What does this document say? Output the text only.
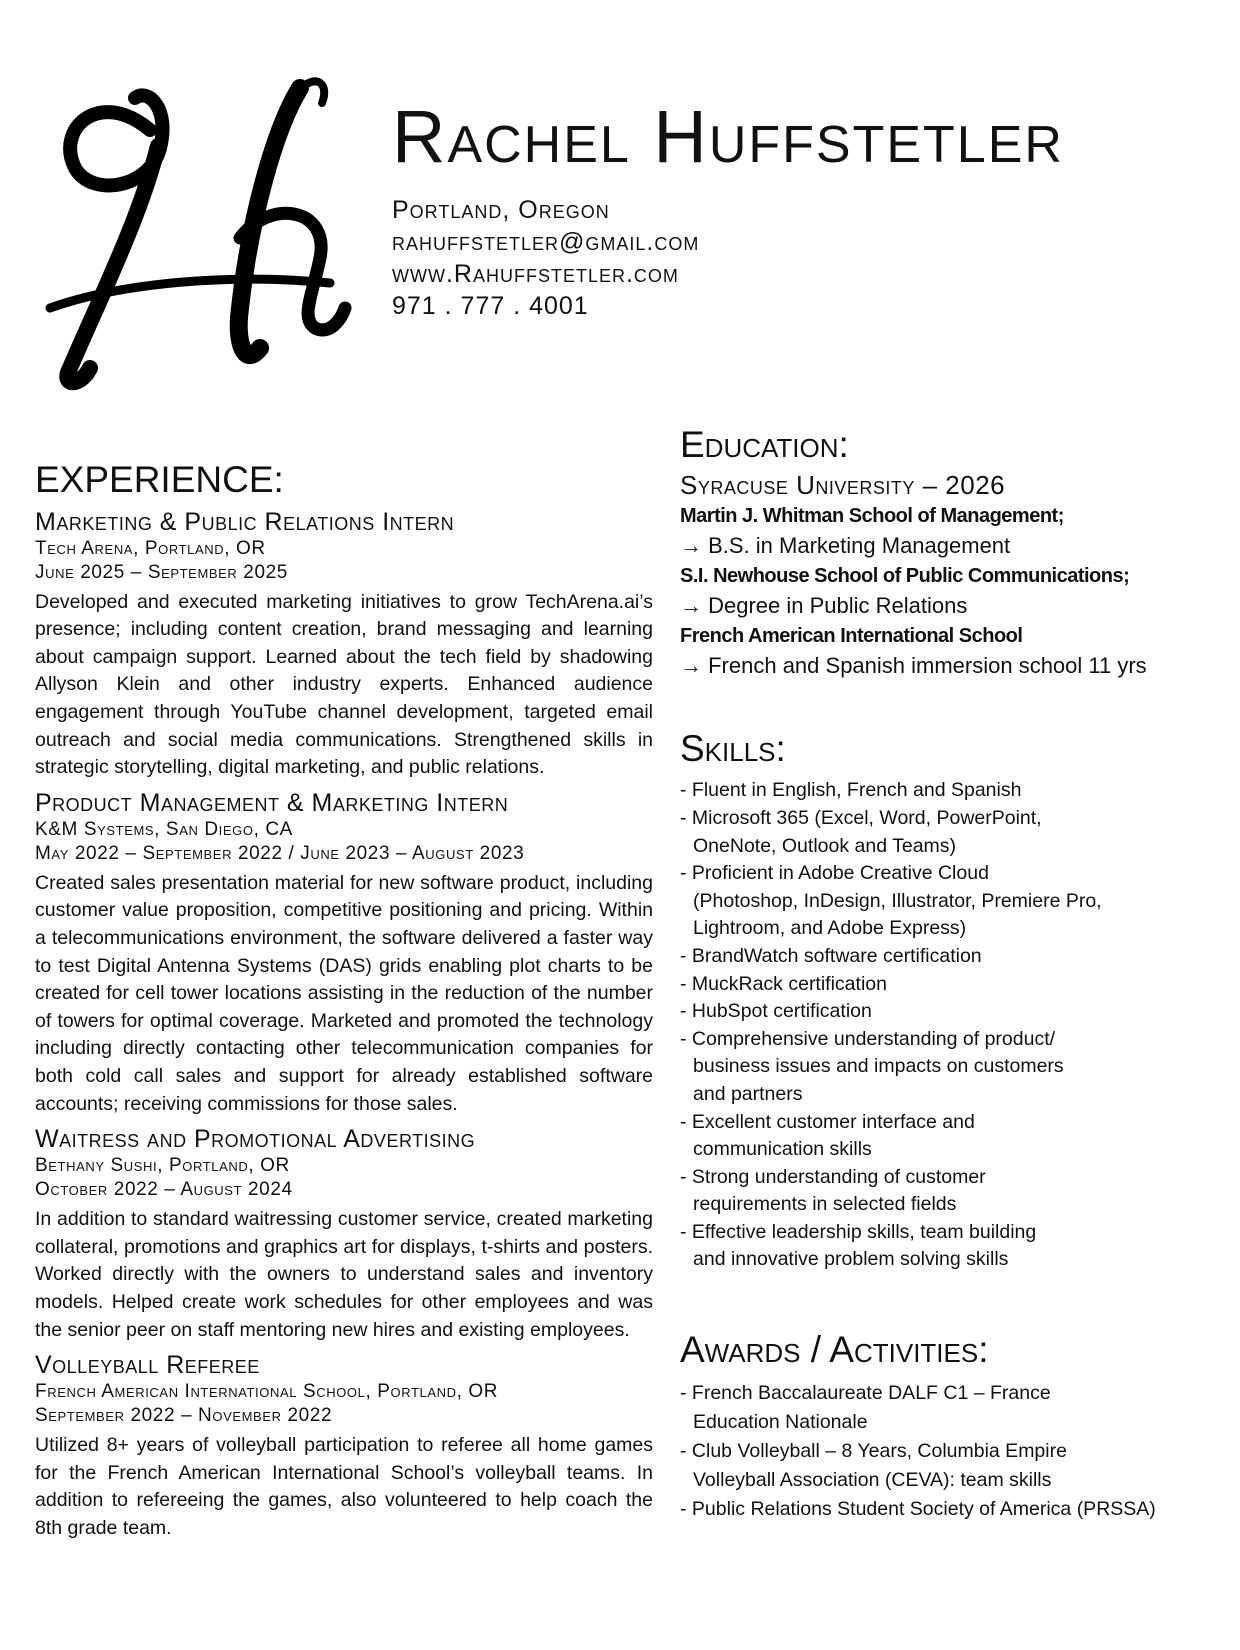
Rachel Huffstetler
Portland, Oregon
rahuffstetler@gmail.com
www.Rahuffstetler.com
971 . 777 . 4001
EXPERIENCE:
Marketing & Public Relations Intern
Tech Arena, Portland, OR
June 2025 – September 2025
Developed and executed marketing initiatives to grow TechArena.ai’s presence; including content creation, brand messaging and learning about campaign support. Learned about the tech field by shadowing Allyson Klein and other industry experts. Enhanced audience engagement through YouTube channel development, targeted email outreach and social media communications. Strengthened skills in strategic storytelling, digital marketing, and public relations.
Product Management & Marketing Intern
K&M Systems, San Diego, CA
May 2022 – September 2022 / June 2023 – August 2023
Created sales presentation material for new software product, including customer value proposition, competitive positioning and pricing. Within a telecommunications environment, the software delivered a faster way to test Digital Antenna Systems (DAS) grids enabling plot charts to be created for cell tower locations assisting in the reduction of the number of towers for optimal coverage. Marketed and promoted the technology including directly contacting other telecommunication companies for both cold call sales and support for already established software accounts; receiving commissions for those sales.
Waitress and Promotional Advertising
Bethany Sushi, Portland, OR
October 2022 – August 2024
In addition to standard waitressing customer service, created marketing collateral, promotions and graphics art for displays, t-shirts and posters. Worked directly with the owners to understand sales and inventory models. Helped create work schedules for other employees and was the senior peer on staff mentoring new hires and existing employees.
Volleyball Referee
French American International School, Portland, OR
September 2022 – November 2022
Utilized 8+ years of volleyball participation to referee all home games for the French American International School’s volleyball teams. In addition to refereeing the games, also volunteered to help coach the 8th grade team.
Education:
Syracuse University – 2026
Martin J. Whitman School of Management;
→ B.S. in Marketing Management
S.I. Newhouse School of Public Communications;
→ Degree in Public Relations
French American International School
→ French and Spanish immersion school 11 yrs
Skills:
- Fluent in English, French and Spanish
- Microsoft 365 (Excel, Word, PowerPoint,
OneNote, Outlook and Teams)
- Proficient in Adobe Creative Cloud
(Photoshop, InDesign, Illustrator, Premiere Pro,
Lightroom, and Adobe Express)
- BrandWatch software certification
- MuckRack certification
- HubSpot certification
- Comprehensive understanding of product/
business issues and impacts on customers
and partners
- Excellent customer interface and
communication skills
- Strong understanding of customer
requirements in selected fields
- Effective leadership skills, team building
and innovative problem solving skills
Awards / Activities:
- French Baccalaureate DALF C1 – France
Education Nationale
- Club Volleyball – 8 Years, Columbia Empire
Volleyball Association (CEVA): team skills
- Public Relations Student Society of America (PRSSA)
